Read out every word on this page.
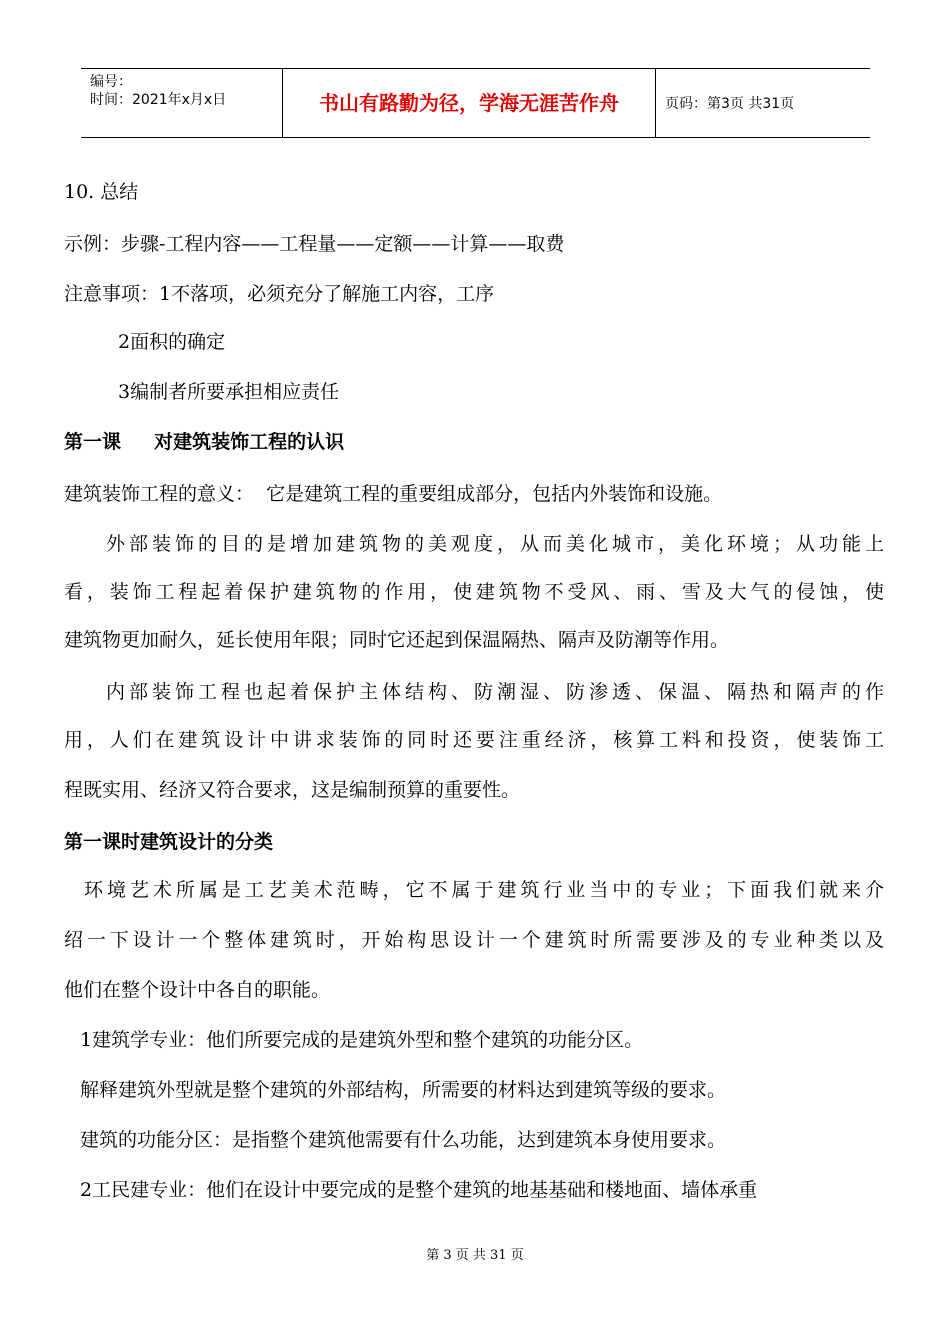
编号：
时间：2021年x月x日	书山有路勤为径，学海无涯苦作舟	页码：第3页 共31页
10. 总结
示例：步骤-工程内容——工程量——定额——计算——取费
注意事项：1不落项，必须充分了解施工内容，工序
2面积的确定
3编制者所要承担相应责任
第一课     对建筑装饰工程的认识
建筑装饰工程的意义：  它是建筑工程的重要组成部分，包括内外装饰和设施。
外部装饰的目的是增加建筑物的美观度，从而美化城市，美化环境；从功能上
看，装饰工程起着保护建筑物的作用，使建筑物不受风、雨、雪及大气的侵蚀，使
建筑物更加耐久，延长使用年限；同时它还起到保温隔热、隔声及防潮等作用。
内部装饰工程也起着保护主体结构、防潮湿、防渗透、保温、隔热和隔声的作
用，人们在建筑设计中讲求装饰的同时还要注重经济，核算工料和投资，使装饰工
程既实用、经济又符合要求，这是编制预算的重要性。
第一课时建筑设计的分类
环境艺术所属是工艺美术范畴，它不属于建筑行业当中的专业；下面我们就来介
绍一下设计一个整体建筑时，开始构思设计一个建筑时所需要涉及的专业种类以及
他们在整个设计中各自的职能。
1建筑学专业：他们所要完成的是建筑外型和整个建筑的功能分区。
解释建筑外型就是整个建筑的外部结构，所需要的材料达到建筑等级的要求。
建筑的功能分区：是指整个建筑他需要有什么功能，达到建筑本身使用要求。
2工民建专业：他们在设计中要完成的是整个建筑的地基基础和楼地面、墙体承重
第 3 页 共 31 页
